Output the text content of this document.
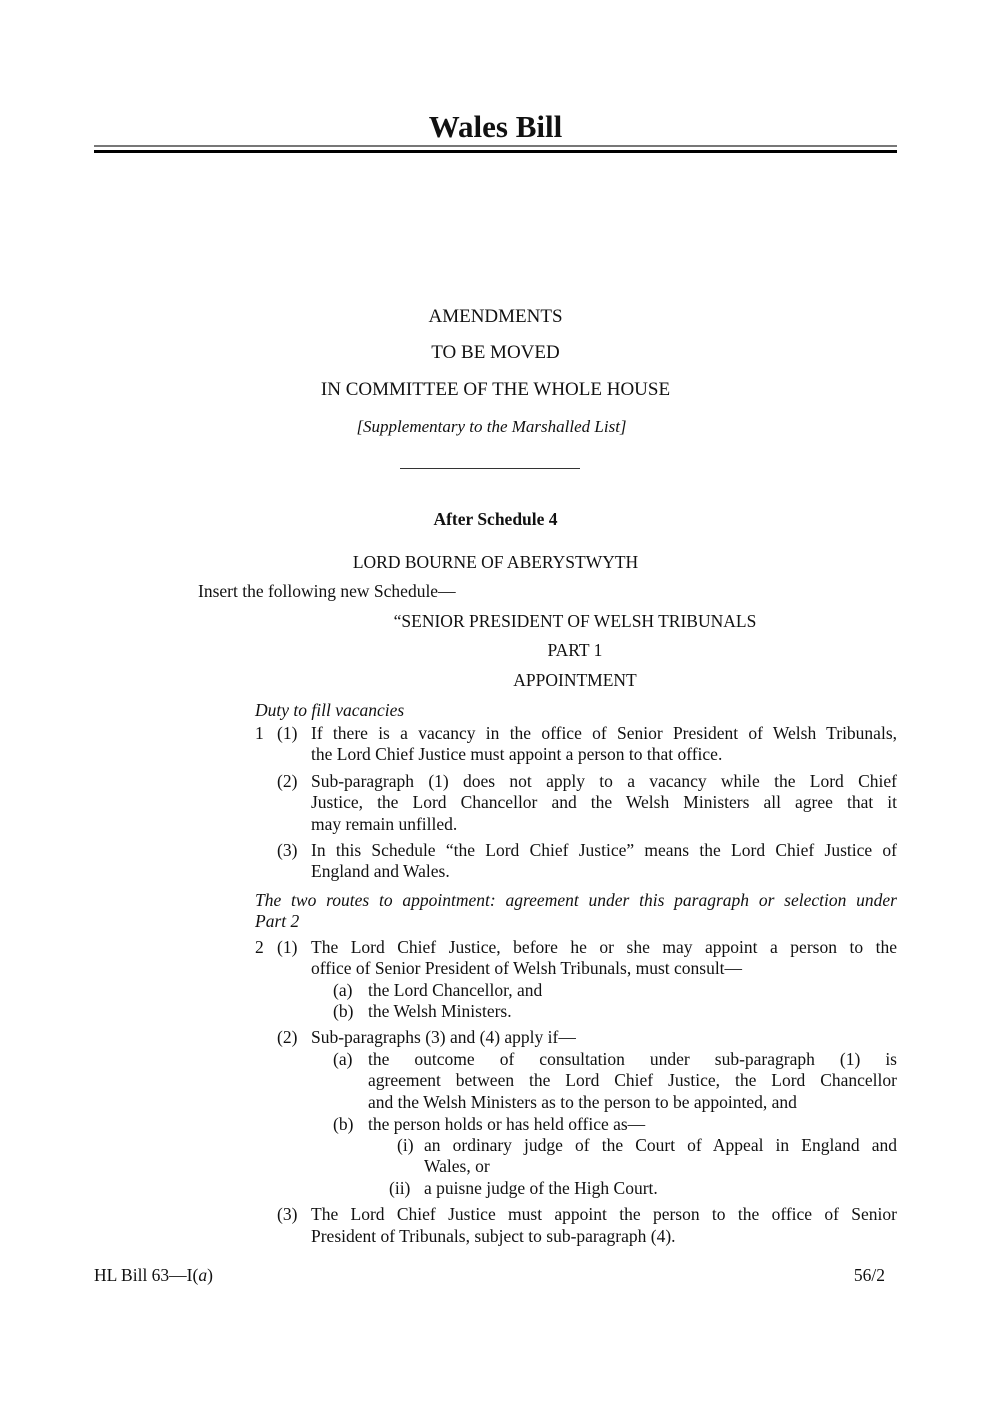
Wales Bill
AMENDMENTS
TO BE MOVED
IN COMMITTEE OF THE WHOLE HOUSE
[Supplementary to the Marshalled List]
After Schedule 4
LORD BOURNE OF ABERYSTWYTH
Insert the following new Schedule—
“SENIOR PRESIDENT OF WELSH TRIBUNALS
PART 1
APPOINTMENT
Duty to fill vacancies
1 (1) If there is a vacancy in the office of Senior President of Welsh Tribunals,
the Lord Chief Justice must appoint a person to that office.
(2) Sub-paragraph (1) does not apply to a vacancy while the Lord Chief
Justice, the Lord Chancellor and the Welsh Ministers all agree that it
may remain unfilled.
(3) In this Schedule “the Lord Chief Justice” means the Lord Chief Justice of
England and Wales.
The two routes to appointment: agreement under this paragraph or selection under
Part 2
2 (1) The Lord Chief Justice, before he or she may appoint a person to the
office of Senior President of Welsh Tribunals, must consult—
(a) the Lord Chancellor, and
(b) the Welsh Ministers.
(2) Sub-paragraphs (3) and (4) apply if—
(a) the outcome of consultation under sub-paragraph (1) is
agreement between the Lord Chief Justice, the Lord Chancellor
and the Welsh Ministers as to the person to be appointed, and
(b) the person holds or has held office as—
(i) an ordinary judge of the Court of Appeal in England and
Wales, or
(ii) a puisne judge of the High Court.
(3) The Lord Chief Justice must appoint the person to the office of Senior
President of Tribunals, subject to sub-paragraph (4).
HL Bill 63—I(a)	56/2
